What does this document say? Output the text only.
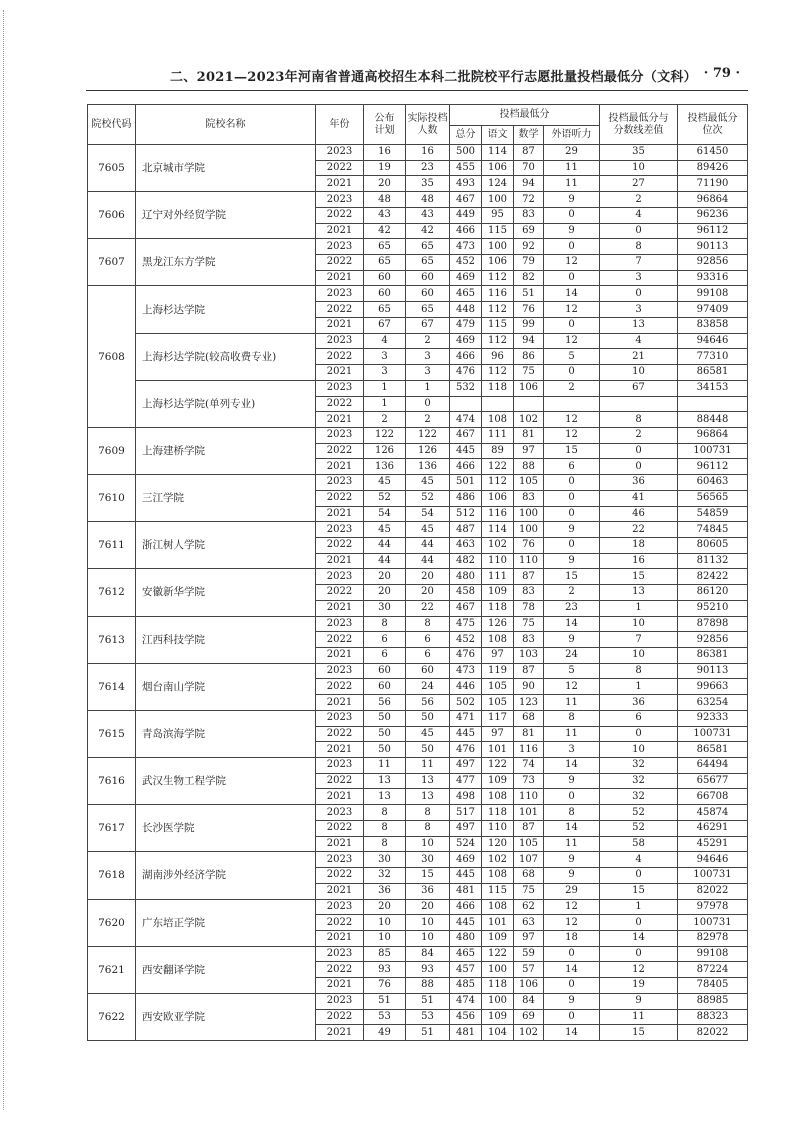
二、2021—2023年河南省普通高校招生本科二批院校平行志愿批量投档最低分（文科） · 79 ·
院校代码	院校名称	年份	公布计划	实际投档人数	投档最低分				投档最低分与分数线差值	投档最低分位次
					总分	语文	数学	外语听力		
7605	北京城市学院	2023	16	16	500	114	87	29	35	61450
		2022	19	23	455	106	70	11	10	89426
		2021	20	35	493	124	94	11	27	71190
7606	辽宁对外经贸学院	2023	48	48	467	100	72	9	2	96864
		2022	43	43	449	95	83	0	4	96236
		2021	42	42	466	115	69	9	0	96112
7607	黑龙江东方学院	2023	65	65	473	100	92	0	8	90113
		2022	65	65	452	106	79	12	7	92856
		2021	60	60	469	112	82	0	3	93316
7608	上海杉达学院	2023	60	60	465	116	51	14	0	99108
		2022	65	65	448	112	76	12	3	97409
		2021	67	67	479	115	99	0	13	83858
	上海杉达学院(较高收费专业)	2023	4	2	469	112	94	12	4	94646
		2022	3	3	466	96	86	5	21	77310
		2021	3	3	476	112	75	0	10	86581
	上海杉达学院(单列专业)	2023	1	1	532	118	106	2	67	34153
		2022	1	0						
		2021	2	2	474	108	102	12	8	88448
7609	上海建桥学院	2023	122	122	467	111	81	12	2	96864
		2022	126	126	445	89	97	15	0	100731
		2021	136	136	466	122	88	6	0	96112
7610	三江学院	2023	45	45	501	112	105	0	36	60463
		2022	52	52	486	106	83	0	41	56565
		2021	54	54	512	116	100	0	46	54859
7611	浙江树人学院	2023	45	45	487	114	100	9	22	74845
		2022	44	44	463	102	76	0	18	80605
		2021	44	44	482	110	110	9	16	81132
7612	安徽新华学院	2023	20	20	480	111	87	15	15	82422
		2022	20	20	458	109	83	2	13	86120
		2021	30	22	467	118	78	23	1	95210
7613	江西科技学院	2023	8	8	475	126	75	14	10	87898
		2022	6	6	452	108	83	9	7	92856
		2021	6	6	476	97	103	24	10	86381
7614	烟台南山学院	2023	60	60	473	119	87	5	8	90113
		2022	60	24	446	105	90	12	1	99663
		2021	56	56	502	105	123	11	36	63254
7615	青岛滨海学院	2023	50	50	471	117	68	8	6	92333
		2022	50	45	445	97	81	11	0	100731
		2021	50	50	476	101	116	3	10	86581
7616	武汉生物工程学院	2023	11	11	497	122	74	14	32	64494
		2022	13	13	477	109	73	9	32	65677
		2021	13	13	498	108	110	0	32	66708
7617	长沙医学院	2023	8	8	517	118	101	8	52	45874
		2022	8	8	497	110	87	14	52	46291
		2021	8	10	524	120	105	11	58	45291
7618	湖南涉外经济学院	2023	30	30	469	102	107	9	4	94646
		2022	32	15	445	108	68	9	0	100731
		2021	36	36	481	115	75	29	15	82022
7620	广东培正学院	2023	20	20	466	108	62	12	1	97978
		2022	10	10	445	101	63	12	0	100731
		2021	10	10	480	109	97	18	14	82978
7621	西安翻译学院	2023	85	84	465	122	59	0	0	99108
		2022	93	93	457	100	57	14	12	87224
		2021	76	88	485	118	106	0	19	78405
7622	西安欧亚学院	2023	51	51	474	100	84	9	9	88985
		2022	53	53	456	109	69	0	11	88323
		2021	49	51	481	104	102	14	15	82022
